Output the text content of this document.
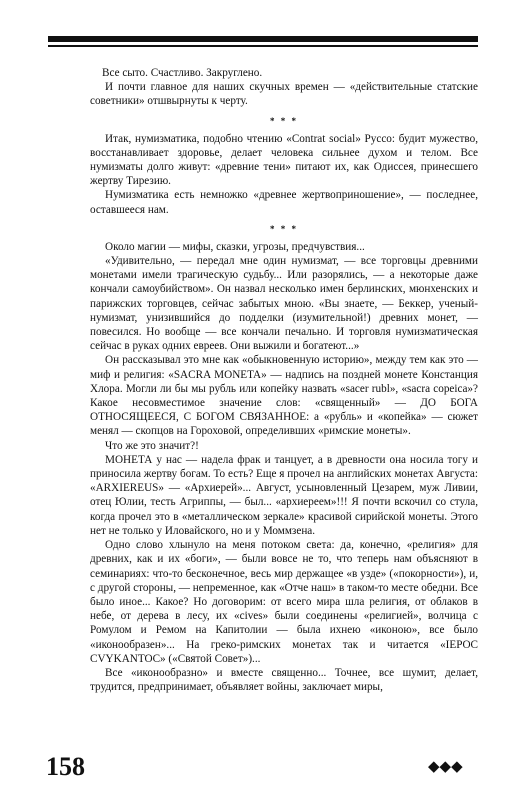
Все сыто. Счастливо. Закруглено.

И почти главное для наших скучных времен — «действительные статские советники» отшвырнуты к черту.

* * *

Итак, нумизматика, подобно чтению «Contrat social» Руссо: будит мужество, восстанавливает здоровье, делает человека сильнее духом и телом. Все нумизматы долго живут: «древние тени» питают их, как Одиссея, принесшего жертву Тирезию.

Нумизматика есть немножко «древнее жертвоприношение», — последнее, оставшееся нам.

* * *

Около магии — мифы, сказки, угрозы, предчувствия...

«Удивительно, — передал мне один нумизмат, — все торговцы древними монетами имели трагическую судьбу... Или разорялись, — а некоторые даже кончали самоубийством». Он назвал несколько имен берлинских, мюнхенских и парижских торговцев, сейчас забытых мною. «Вы знаете, — Беккер, ученый-нумизмат, унизившийся до подделки (изумительной!) древних монет, — повесился. Но вообще — все кончали печально. И торговля нумизматическая сейчас в руках одних евреев. Они выжили и богатеют...»

Он рассказывал это мне как «обыкновенную историю», между тем как это — миф и религия: «SACRA MONETA» — надпись на поздней монете Констанция Хлора. Могли ли бы мы рубль или копейку назвать «sacer rubl», «sacra copeica»? Какое несовместимое значение слов: «священный» — ДО БОГА ОТНОСЯЩЕЕСЯ, С БОГОМ СВЯЗАННОЕ: а «рубль» и «копейка» — сюжет менял — скопцов на Гороховой, определивших «римские монеты».

Что же это значит?!

МОНЕТА у нас — надела фрак и танцует, а в древности она носила тогу и приносила жертву богам. То есть? Еще я прочел на английских монетах Августа: «ARXIEREUS» — «Архиерей»... Август, усыновленный Цезарем, муж Ливии, отец Юлии, тесть Агриппы, — был... «архиереем»!!! Я почти вскочил со стула, когда прочел это в «металлическом зеркале» красивой сирийской монеты. Этого нет не только у Иловайского, но и у Моммзена.

Одно слово хлынуло на меня потоком света: да, конечно, «религия» для древних, как и их «боги», — были вовсе не то, что теперь нам объясняют в семинариях: что-то бесконечное, весь мир держащее «в узде» («покорности»), и, с другой стороны, — непременное, как «Отче наш» в таком-то месте обедни. Все было иное... Какое? Но договорим: от всего мира шла религия, от облаков в небе, от дерева в лесу, их «cives» были соединены «религией», волчица с Ромулом и Ремом на Капитолии — была ихнею «иконою», все было «иконообразен»... На греко-римских монетах так и читается «IEPOC CVYKANTOC» («Святой Совет»)...

Все «иконообразно» и вместе священно... Точнее, все шумит, делает, трудится, предпринимает, объявляет войны, заключает миры,

158	◆◆◆
